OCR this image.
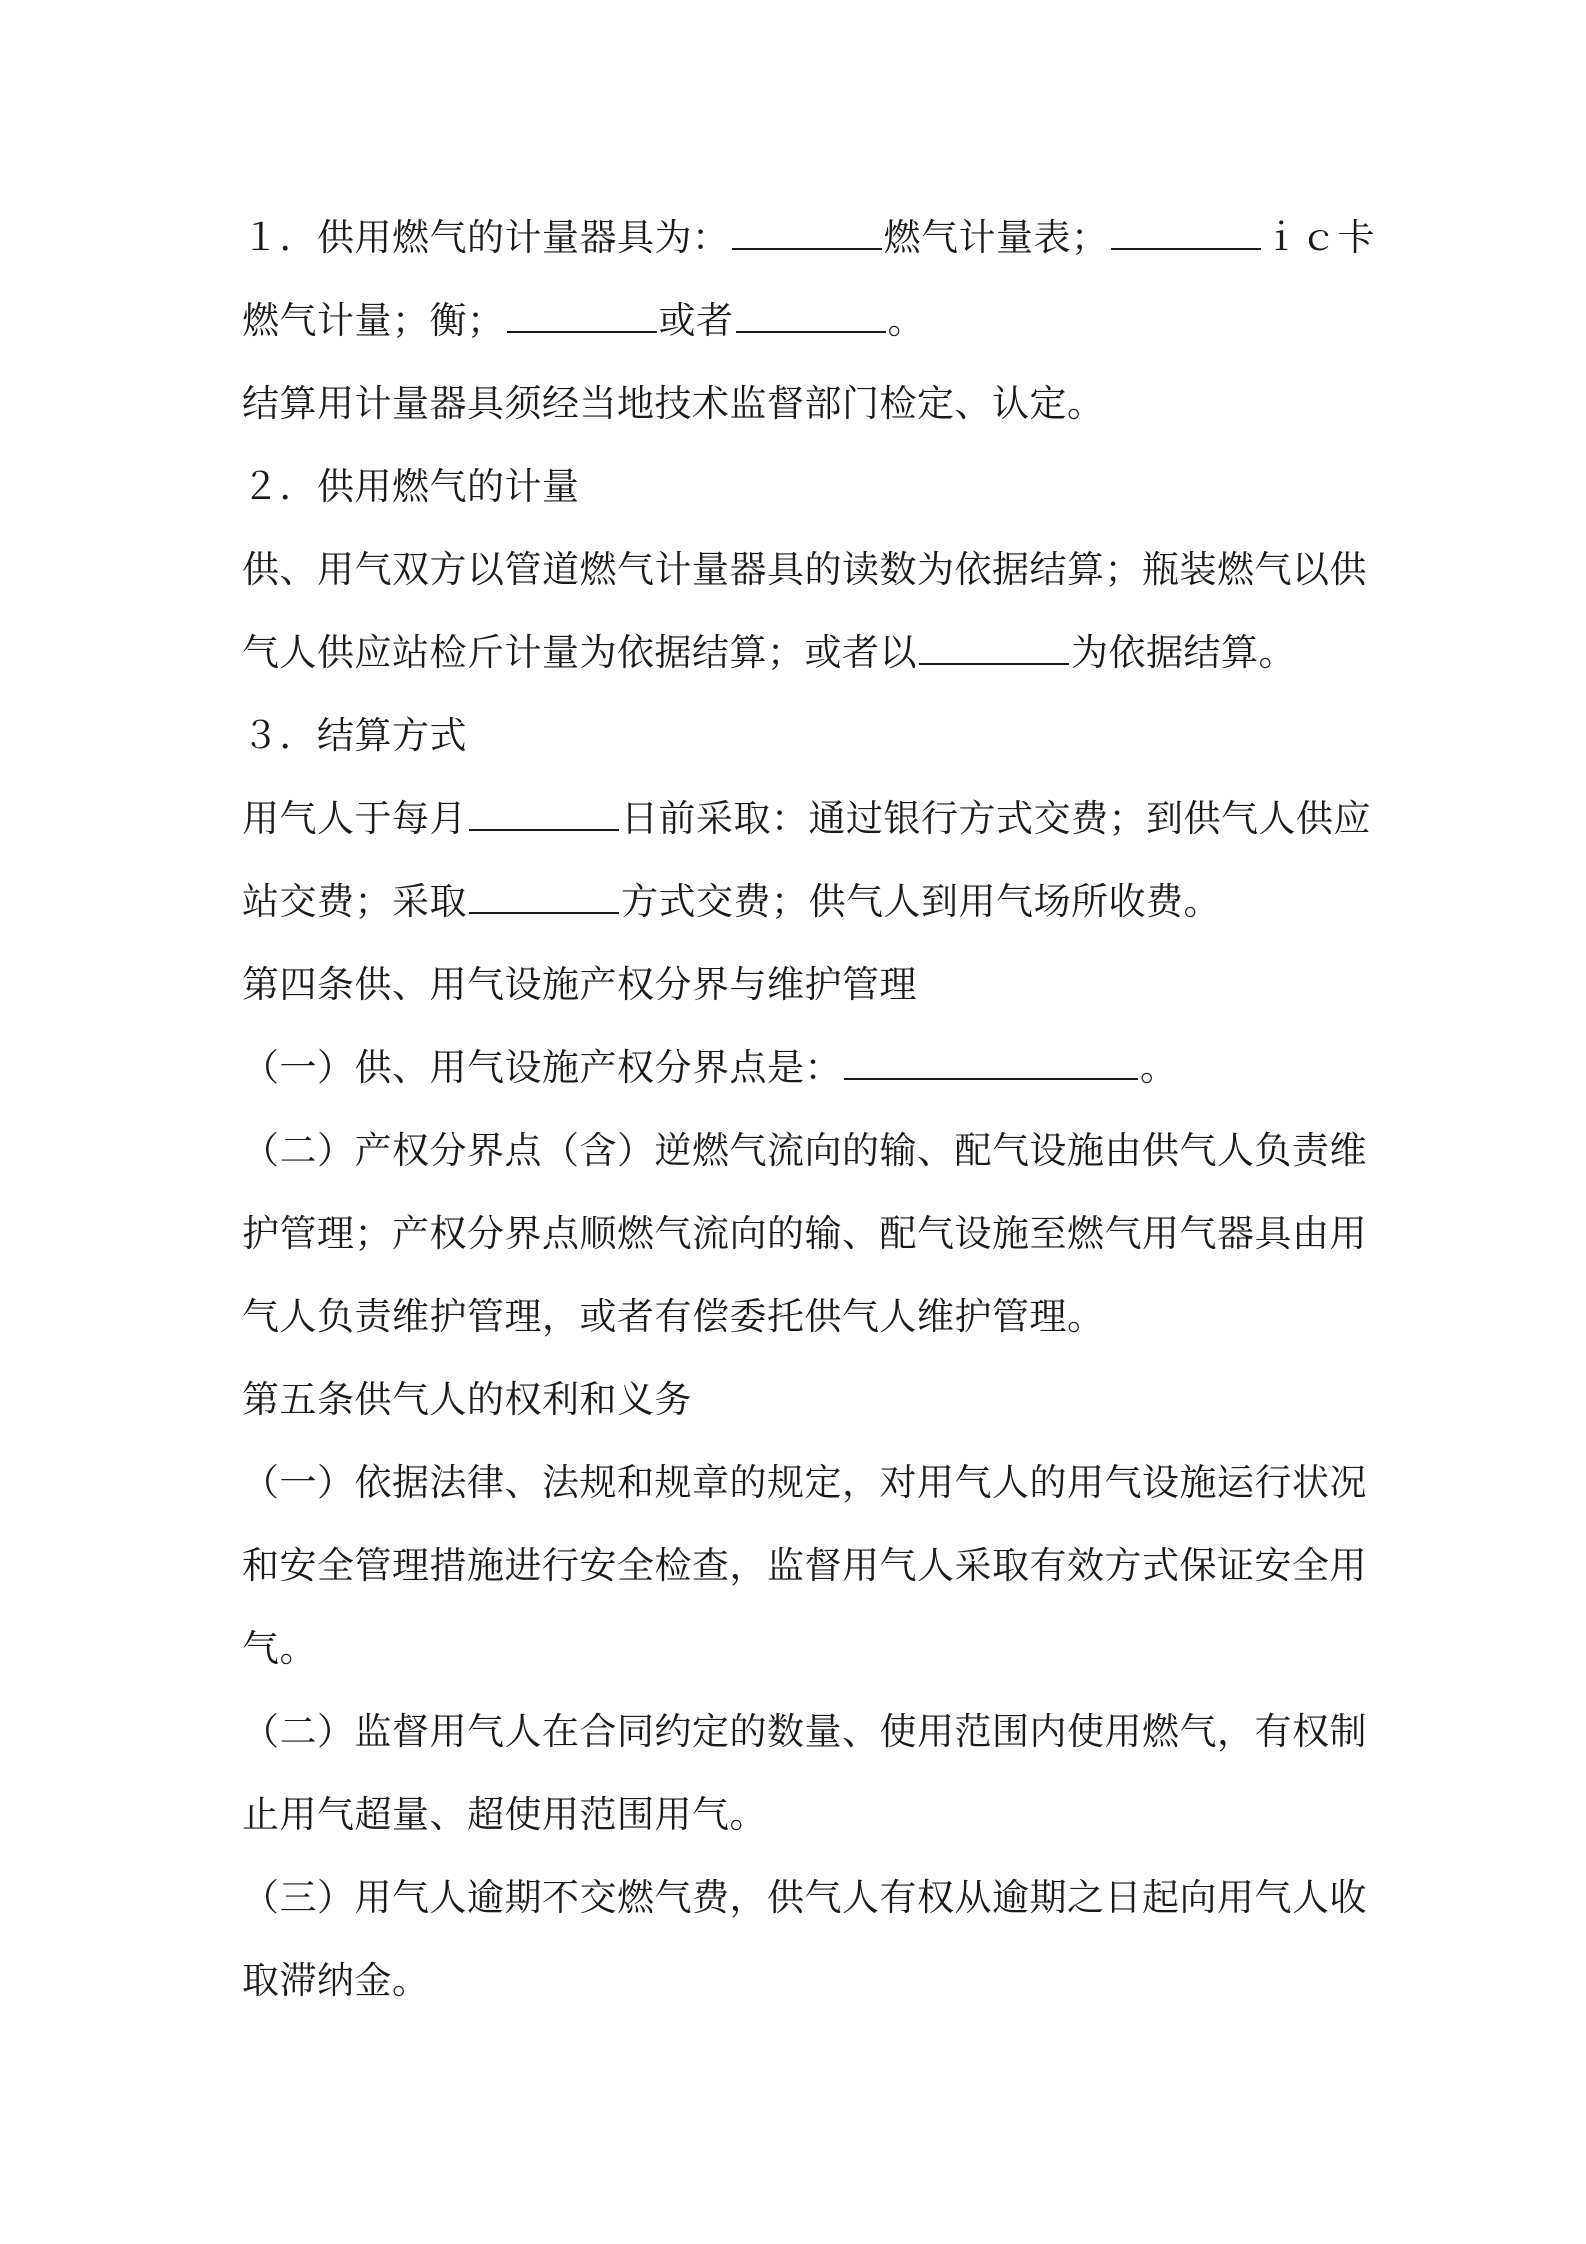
１．供用燃气的计量器具为：	燃气计量表；	ｉｃ卡

燃气计量；衡；	或者	。

结算用计量器具须经当地技术监督部门检定、认定。

２．供用燃气的计量

供、用气双方以管道燃气计量器具的读数为依据结算；瓶装燃气以供

气人供应站检斤计量为依据结算；或者以	为依据结算。

３．结算方式

用气人于每月	日前采取：通过银行方式交费；到供气人供应

站交费；采取	方式交费；供气人到用气场所收费。

第四条供、用气设施产权分界与维护管理

（一）供、用气设施产权分界点是：	。

（二）产权分界点（含）逆燃气流向的输、配气设施由供气人负责维

护管理；产权分界点顺燃气流向的输、配气设施至燃气用气器具由用

气人负责维护管理，或者有偿委托供气人维护管理。

第五条供气人的权利和义务

（一）依据法律、法规和规章的规定，对用气人的用气设施运行状况

和安全管理措施进行安全检查，监督用气人采取有效方式保证安全用

气。

（二）监督用气人在合同约定的数量、使用范围内使用燃气，有权制

止用气超量、超使用范围用气。

（三）用气人逾期不交燃气费，供气人有权从逾期之日起向用气人收

取滞纳金。
